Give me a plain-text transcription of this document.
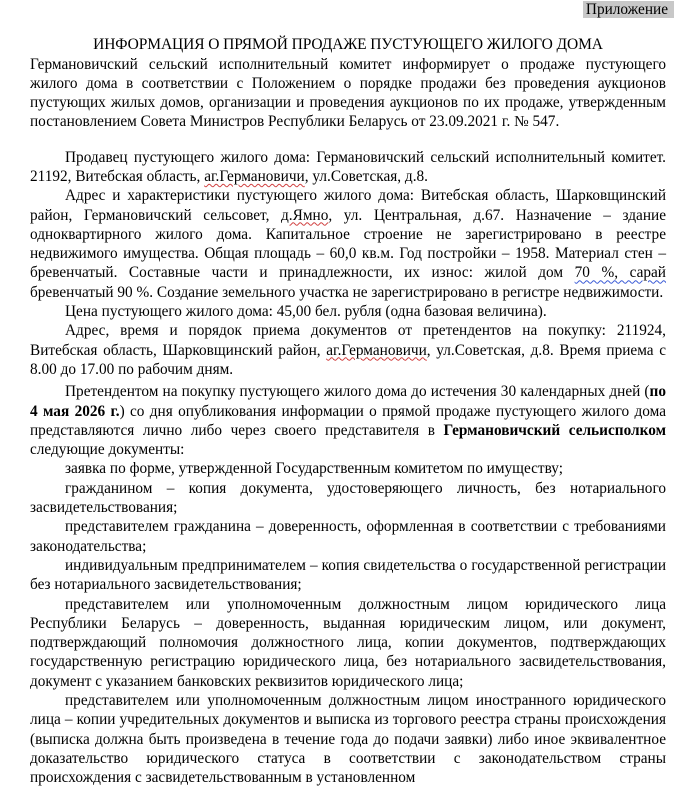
Приложение
ИНФОРМАЦИЯ О ПРЯМОЙ ПРОДАЖЕ ПУСТУЮЩЕГО ЖИЛОГО ДОМА

Германовичский сельский исполнительный комитет информирует о продаже пустующего жилого дома в соответствии с Положением о порядке продажи без проведения аукционов пустующих жилых домов, организации и проведения аукционов по их продаже, утвержденным постановлением Совета Министров Республики Беларусь от 23.09.2021 г. № 547.

Продавец пустующего жилого дома: Германовичский сельский исполнительный комитет. 21192, Витебская область, аг.Германовичи, ул.Советская, д.8.

Адрес и характеристики пустующего жилого дома: Витебская область, Шарковщинский район, Германовичский сельсовет, д.Ямно, ул. Центральная, д.67. Назначение – здание одноквартирного жилого дома. Капитальное строение не зарегистрировано в реестре недвижимого имущества. Общая площадь – 60,0 кв.м. Год постройки – 1958. Материал стен – бревенчатый. Составные части и принадлежности, их износ: жилой дом 70 %, сарай бревенчатый 90 %. Создание земельного участка не зарегистрировано в регистре недвижимости.

Цена пустующего жилого дома: 45,00 бел. рубля (одна базовая величина).

Адрес, время и порядок приема документов от претендентов на покупку: 211924, Витебская область, Шарковщинский район, аг.Германовичи, ул.Советская, д.8. Время приема с 8.00 до 17.00 по рабочим дням.

Претендентом на покупку пустующего жилого дома до истечения 30 календарных дней (по 4 мая 2026 г.) со дня опубликования информации о прямой продаже пустующего жилого дома представляются лично либо через своего представителя в Германовичский сельисполком следующие документы:

заявка по форме, утвержденной Государственным комитетом по имуществу;

гражданином – копия документа, удостоверяющего личность, без нотариального засвидетельствования;

представителем гражданина – доверенность, оформленная в соответствии с требованиями законодательства;

индивидуальным предпринимателем – копия свидетельства о государственной регистрации без нотариального засвидетельствования;

представителем или уполномоченным должностным лицом юридического лица Республики Беларусь – доверенность, выданная юридическим лицом, или документ, подтверждающий полномочия должностного лица, копии документов, подтверждающих государственную регистрацию юридического лица, без нотариального засвидетельствования, документ с указанием банковских реквизитов юридического лица;

представителем или уполномоченным должностным лицом иностранного юридического лица – копии учредительных документов и выписка из торгового реестра страны происхождения (выписка должна быть произведена в течение года до подачи заявки) либо иное эквивалентное доказательство юридического статуса в соответствии с законодательством страны происхождения с засвидетельствованным в установленном
